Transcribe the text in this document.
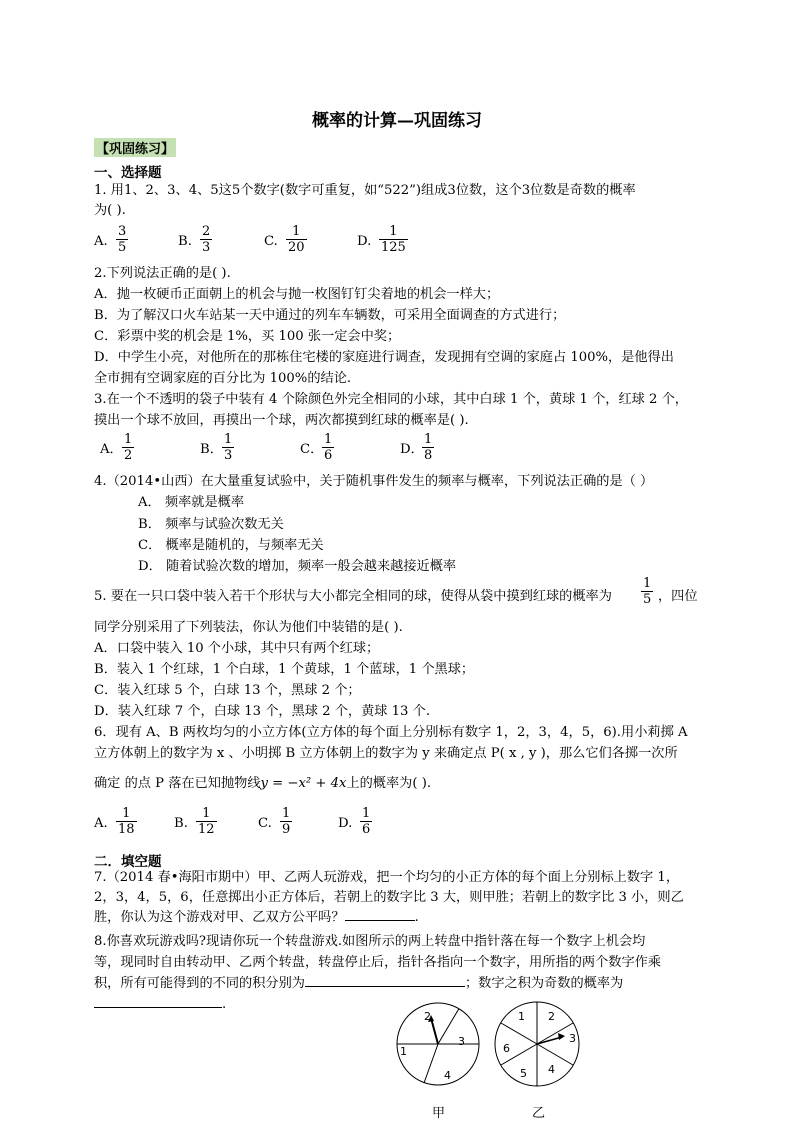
概率的计算—巩固练习
【巩固练习】
一、选择题
1. 用1、2、3、4、5这5个数字(数字可重复，如“522”)组成3位数，这个3位数是奇数的概率
为( ).
A. $\frac{3}{5}$	B. $\frac{2}{3}$	C. $\frac{1}{20}$	D. $\frac{1}{125}$
2.下列说法正确的是( ).
A．抛一枚硬币正面朝上的机会与抛一枚图钉钉尖着地的机会一样大；
B．为了解汉口火车站某一天中通过的列车车辆数，可采用全面调查的方式进行；
C．彩票中奖的机会是 1%，买 100 张一定会中奖；
D．中学生小亮，对他所在的那栋住宅楼的家庭进行调查，发现拥有空调的家庭占 100%，是他得出
全市拥有空调家庭的百分比为 100%的结论.
3.在一个不透明的袋子中装有 4 个除颜色外完全相同的小球，其中白球 1 个，黄球 1 个，红球 2 个，
摸出一个球不放回，再摸出一个球，两次都摸到红球的概率是( ).
A． $\frac{1}{2}$	B． $\frac{1}{3}$	C．
$\frac{1}{6}$	D．
$\frac{1}{8}$
4.（2014•山西）在大量重复试验中，关于随机事件发生的频率与概率，下列说法正确的是（ ）
A． 频率就是概率
B． 频率与试验次数无关
C． 概率是随机的，与频率无关
D． 随着试验次数的增加，频率一般会越来越接近概率
5. 要在一只口袋中装入若干个形状与大小都完全相同的球，使得从袋中摸到红球的概率为 $\frac{1}{5}$ ，四位
同学分别采用了下列装法，你认为他们中装错的是( ).
A．口袋中装入 10 个小球，其中只有两个红球；
B．装入 1 个红球，1 个白球，1 个黄球，1 个蓝球，1 个黑球；
C．装入红球 5 个，白球 13 个，黑球 2 个；
D．装入红球 7 个，白球 13 个，黑球 2 个，黄球 13 个.
6．现有 A、B 两枚均匀的小立方体(立方体的每个面上分别标有数字 1，2，3，4，5，6).用小莉掷 A
立方体朝上的数字为 x 、小明掷 B 立方体朝上的数字为 y 来确定点 P( x , y )，那么它们各掷一次所
确定 的点 P 落在已知抛物线y = −x² + 4x上的概率为( ).
A. $\frac{1}{18}$	B. $\frac{1}{12}$	C. $\frac{1}{9}$	D. $\frac{1}{6}$
二．填空题
7.（2014 春•海阳市期中）甲、乙两人玩游戏，把一个均匀的小正方体的每个面上分别标上数字 1，
2，3，4，5，6，任意掷出小正方体后，若朝上的数字比 3 大，则甲胜；若朝上的数字比 3 小，则乙
胜，你认为这个游戏对甲、乙双方公平吗？	.
8.你喜欢玩游戏吗?现请你玩一个转盘游戏.如图所示的两上转盘中指针落在每一个数字上机会均
等，现同时自由转动甲、乙两个转盘，转盘停止后，指针各指向一个数字，用所指的两个数字作乘
积，所有可能得到的不同的积分别为	；数字之积为奇数的概率为
.
2
1
3
4
甲
1 2
3
4
5
6
乙
